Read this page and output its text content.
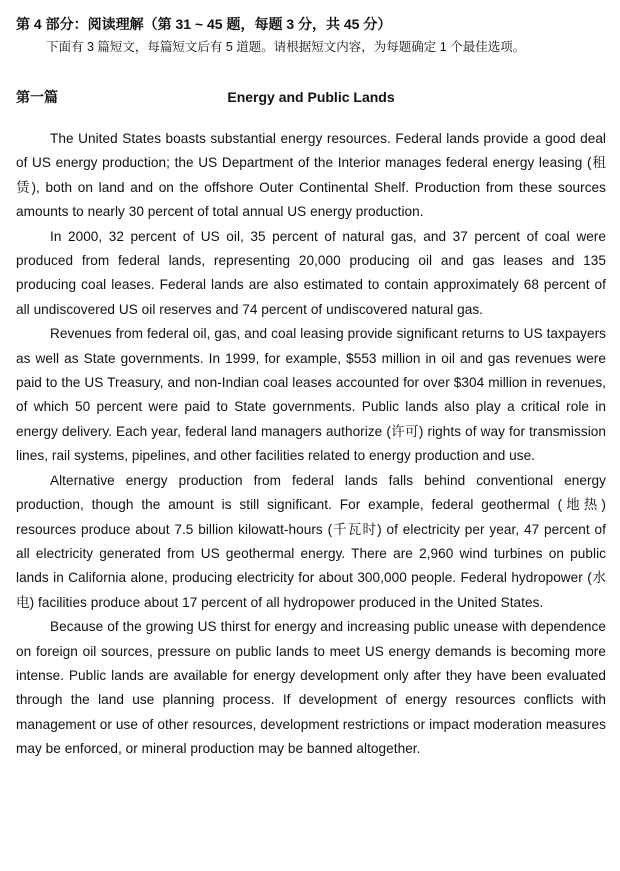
第 4 部分：阅读理解（第 31 ~ 45 题，每题 3 分，共 45 分）
下面有 3 篇短文，每篇短文后有 5 道题。请根据短文内容，为每题确定 1 个最佳选项。
Energy and Public Lands
第一篇

The United States boasts substantial energy resources. Federal lands provide a good deal of US energy production; the US Department of the Interior manages federal energy leasing (租赁), both on land and on the offshore Outer Continental Shelf. Production from these sources amounts to nearly 30 percent of total annual US energy production.

In 2000, 32 percent of US oil, 35 percent of natural gas, and 37 percent of coal were produced from federal lands, representing 20,000 producing oil and gas leases and 135 producing coal leases. Federal lands are also estimated to contain approximately 68 percent of all undiscovered US oil reserves and 74 percent of undiscovered natural gas.

Revenues from federal oil, gas, and coal leasing provide significant returns to US taxpayers as well as State governments. In 1999, for example, $553 million in oil and gas revenues were paid to the US Treasury, and non-Indian coal leases accounted for over $304 million in revenues, of which 50 percent were paid to State governments. Public lands also play a critical role in energy delivery. Each year, federal land managers authorize (许可) rights of way for transmission lines, rail systems, pipelines, and other facilities related to energy production and use.

Alternative energy production from federal lands falls behind conventional energy production, though the amount is still significant. For example, federal geothermal (地热) resources produce about 7.5 billion kilowatt-hours (千瓦时) of electricity per year, 47 percent of all electricity generated from US geothermal energy. There are 2,960 wind turbines on public lands in California alone, producing electricity for about 300,000 people. Federal hydropower (水电) facilities produce about 17 percent of all hydropower produced in the United States.

Because of the growing US thirst for energy and increasing public unease with dependence on foreign oil sources, pressure on public lands to meet US energy demands is becoming more intense. Public lands are available for energy development only after they have been evaluated through the land use planning process. If development of energy resources conflicts with management or use of other resources, development restrictions or impact moderation measures may be enforced, or mineral production may be banned altogether.
